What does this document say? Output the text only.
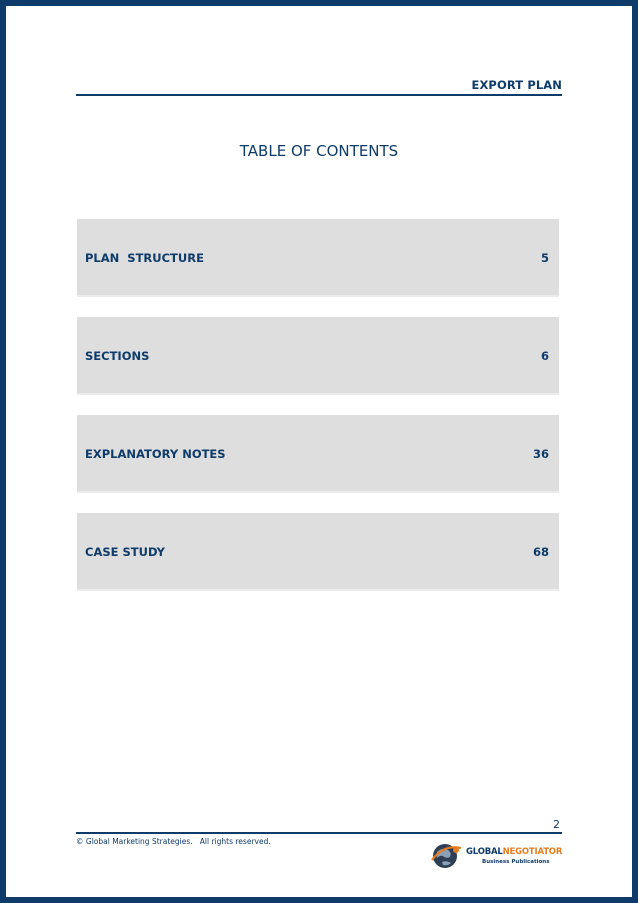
EXPORT PLAN
TABLE OF CONTENTS
PLAN  STRUCTURE	5
SECTIONS	6
EXPLANATORY NOTES	36
CASE STUDY	68
2
© Global Marketing Strategies.   All rights reserved.
GLOBALNEGOTIATOR
Business Publications
